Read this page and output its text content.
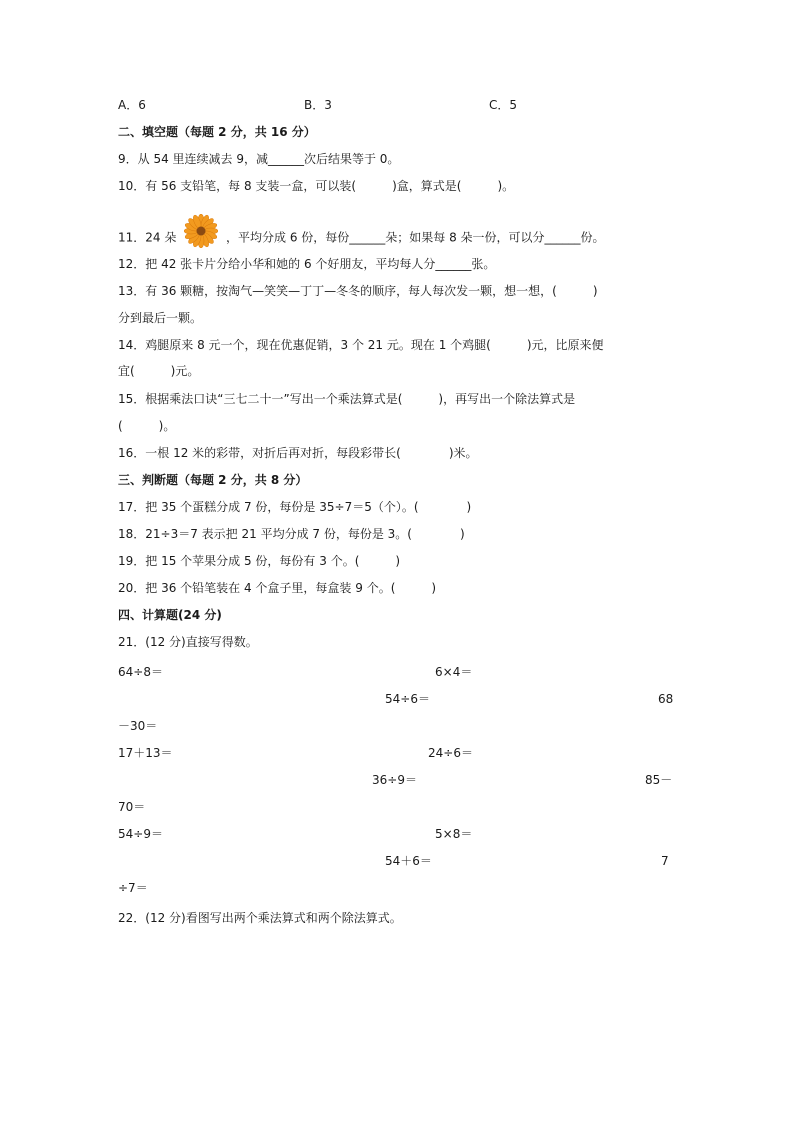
A．6	B．3	C．5
二、填空题（每题 2 分，共 16 分）
9．从 54 里连续减去 9，减______次后结果等于 0。
10．有 56 支铅笔，每 8 支装一盒，可以装(　　　)盒，算式是(　　　)。
11．24 朵	，平均分成 6 份，每份______朵；如果每 8 朵一份，可以分______份。
12．把 42 张卡片分给小华和她的 6 个好朋友，平均每人分______张。
13．有 36 颗糖，按淘气—笑笑—丁丁—冬冬的顺序，每人每次发一颗，想一想，(　　　)
分到最后一颗。
14．鸡腿原来 8 元一个，现在优惠促销，3 个 21 元。现在 1 个鸡腿(　　　)元，比原来便
宜(　　　)元。
15．根据乘法口诀“三七二十一”写出一个乘法算式是(　　　)，再写出一个除法算式是
(　　　)。
16．一根 12 米的彩带，对折后再对折，每段彩带长(　　　　)米。
三、判断题（每题 2 分，共 8 分）
17．把 35 个蛋糕分成 7 份，每份是 35÷7＝5（个）。(　　　　)
18．21÷3＝7 表示把 21 平均分成 7 份，每份是 3。(　　　　)
19．把 15 个苹果分成 5 份，每份有 3 个。(　　　)
20．把 36 个铅笔装在 4 个盒子里，每盒装 9 个。(　　　)
四、计算题(24 分)
21．(12 分)直接写得数。
64÷8＝	6×4＝
54÷6＝	68
－30＝
17＋13＝	24÷6＝
36÷9＝	85－
70＝
54÷9＝	5×8＝
54＋6＝	7
÷7＝
22．(12 分)看图写出两个乘法算式和两个除法算式。
